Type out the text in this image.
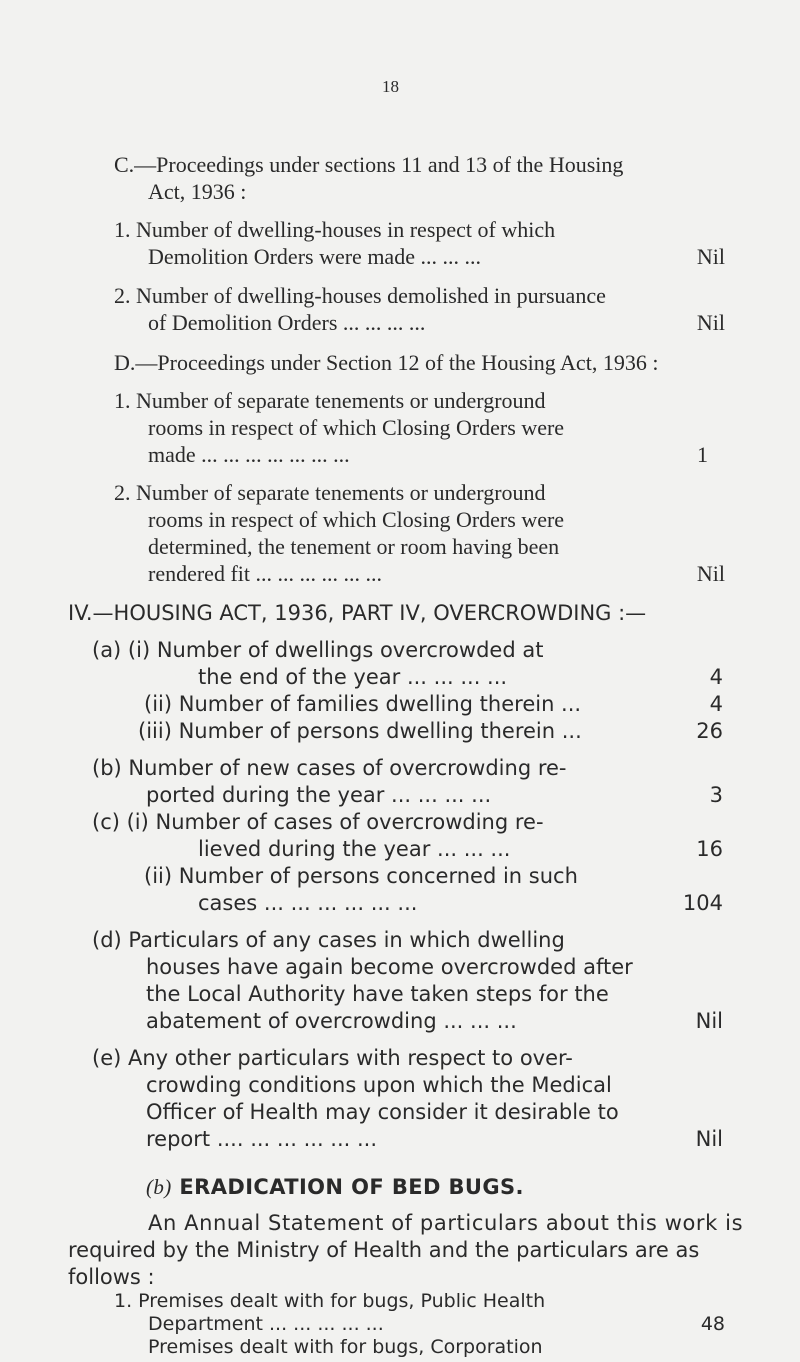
18
C.—Proceedings under sections 11 and 13 of the Housing
Act, 1936 :
1. Number of dwelling-houses in respect of which
Demolition Orders were made ... ... ...	Nil
2. Number of dwelling-houses demolished in pursuance
of Demolition Orders ... ... ... ...	Nil
D.—Proceedings under Section 12 of the Housing Act, 1936 :
1. Number of separate tenements or underground
rooms in respect of which Closing Orders were
made ... ... ... ... ... ... ...	1
2. Number of separate tenements or underground
rooms in respect of which Closing Orders were
determined, the tenement or room having been
rendered fit ... ... ... ... ... ...	Nil
IV.—HOUSING ACT, 1936, PART IV, OVERCROWDING :—
(a) (i) Number of dwellings overcrowded at
the end of the year ... ... ... ...	4
(ii) Number of families dwelling therein ...	4
(iii) Number of persons dwelling therein ...	26
(b) Number of new cases of overcrowding re-
ported during the year ... ... ... ...	3
(c) (i) Number of cases of overcrowding re-
lieved during the year ... ... ...	16
(ii) Number of persons concerned in such
cases ... ... ... ... ... ...	104
(d) Particulars of any cases in which dwelling
houses have again become overcrowded after
the Local Authority have taken steps for the
abatement of overcrowding ... ... ...	Nil
(e) Any other particulars with respect to over-
crowding conditions upon which the Medical
Officer of Health may consider it desirable to
report .... ... ... ... ... ...	Nil
(b) ERADICATION OF BED BUGS.
An Annual Statement of particulars about this work is
required by the Ministry of Health and the particulars are as
follows :
1. Premises dealt with for bugs, Public Health
Department ... ... ... ... ...	48
Premises dealt with for bugs, Corporation
